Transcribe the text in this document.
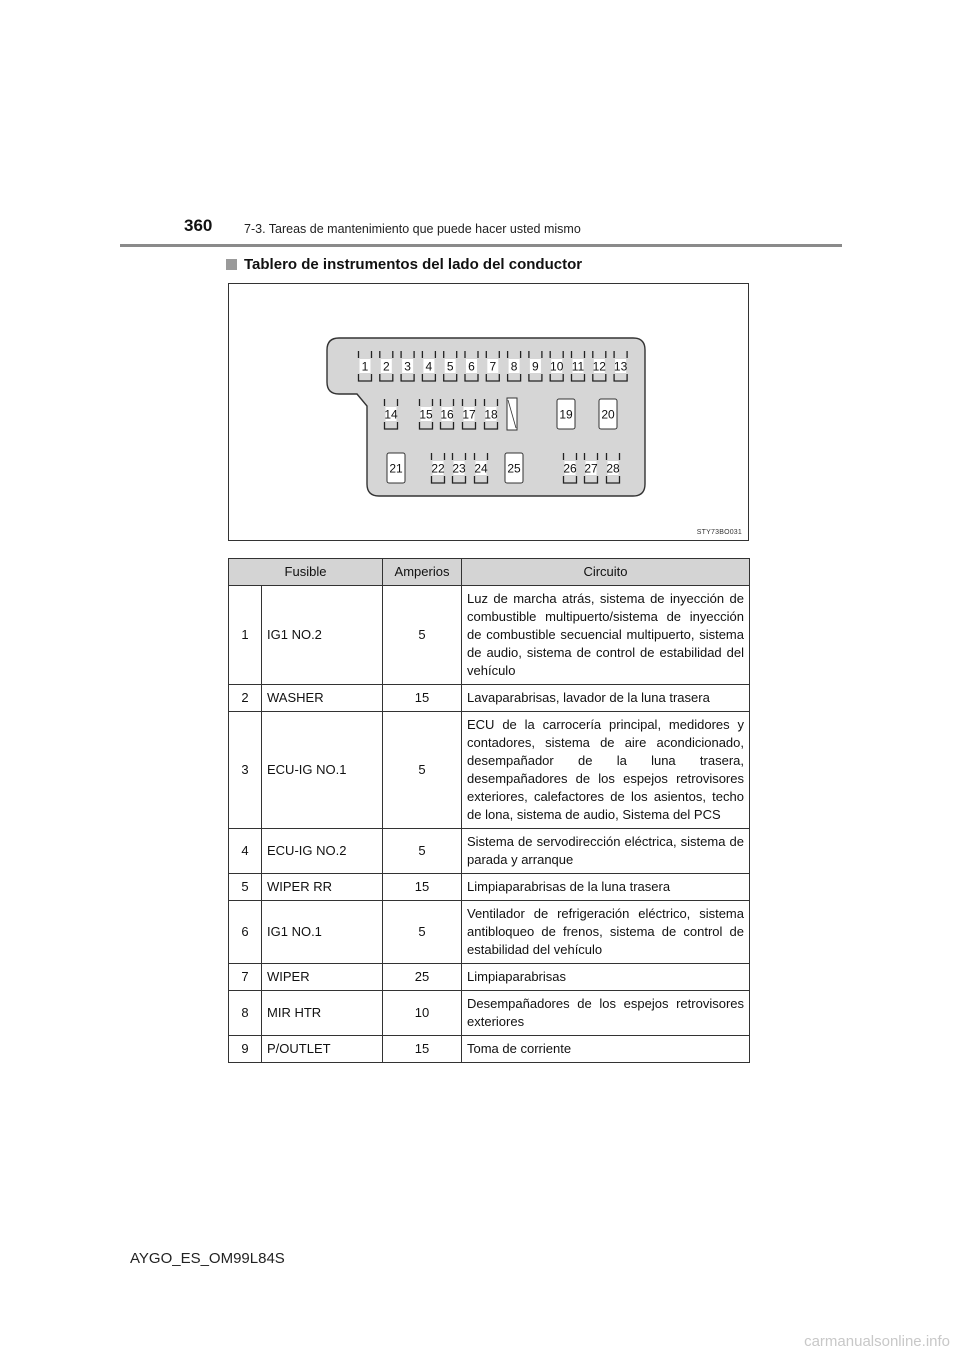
360	7-3. Tareas de mantenimiento que puede hacer usted mismo
Tablero de instrumentos del lado del conductor
1 2 3 4 5 6 7 8 9 10 11 12 13
14 15 16 17 18	19 20
21 22 23 24 25	26 27 28
STY73BO031
Fusible		Amperios	Circuito
1	IG1 NO.2	5	Luz de marcha atrás, sistema de inyección de combustible multipuerto/sistema de inyección de combustible secuencial multipuerto, sistema de audio, sistema de control de estabilidad del vehículo
2	WASHER	15	Lavaparabrisas, lavador de la luna trasera
3	ECU-IG NO.1	5	ECU de la carrocería principal, medidores y contadores, sistema de aire acondicionado, desempañador de la luna trasera, desempañadores de los espejos retrovisores exteriores, calefactores de los asientos, techo de lona, sistema de audio, Sistema del PCS
4	ECU-IG NO.2	5	Sistema de servodirección eléctrica, sistema de parada y arranque
5	WIPER RR	15	Limpiaparabrisas de la luna trasera
6	IG1 NO.1	5	Ventilador de refrigeración eléctrico, sistema antibloqueo de frenos, sistema de control de estabilidad del vehículo
7	WIPER	25	Limpiaparabrisas
8	MIR HTR	10	Desempañadores de los espejos retrovisores exteriores
9	P/OUTLET	15	Toma de corriente
AYGO_ES_OM99L84S
carmanualsonline.info
